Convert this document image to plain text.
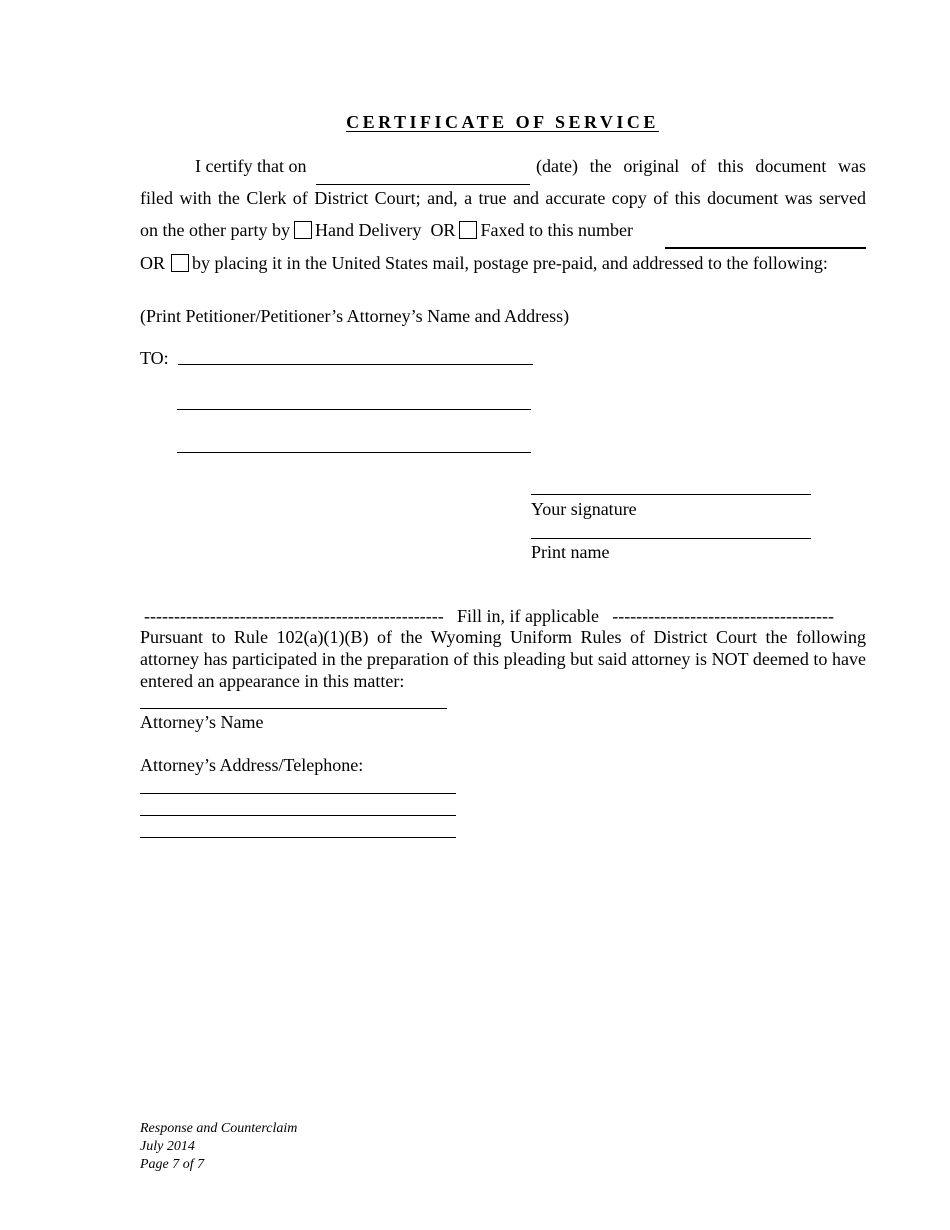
CERTIFICATE OF SERVICE
I certify that on	(date) the original of this document was
filed with the Clerk of District Court; and, a true and accurate copy of this document was served
on the other party by Hand Delivery OR Faxed to this number
OR by placing it in the United States mail, postage pre-paid, and addressed to the following:
(Print Petitioner/Petitioner’s Attorney’s Name and Address)
TO:
Your signature
Print name
-------------------------------------------------- Fill in, if applicable -------------------------------------
Pursuant to Rule 102(a)(1)(B) of the Wyoming Uniform Rules of District Court the following attorney has participated in the preparation of this pleading but said attorney is NOT deemed to have entered an appearance in this matter:
Attorney’s Name
Attorney’s Address/Telephone:
Response and Counterclaim
July 2014
Page 7 of 7
